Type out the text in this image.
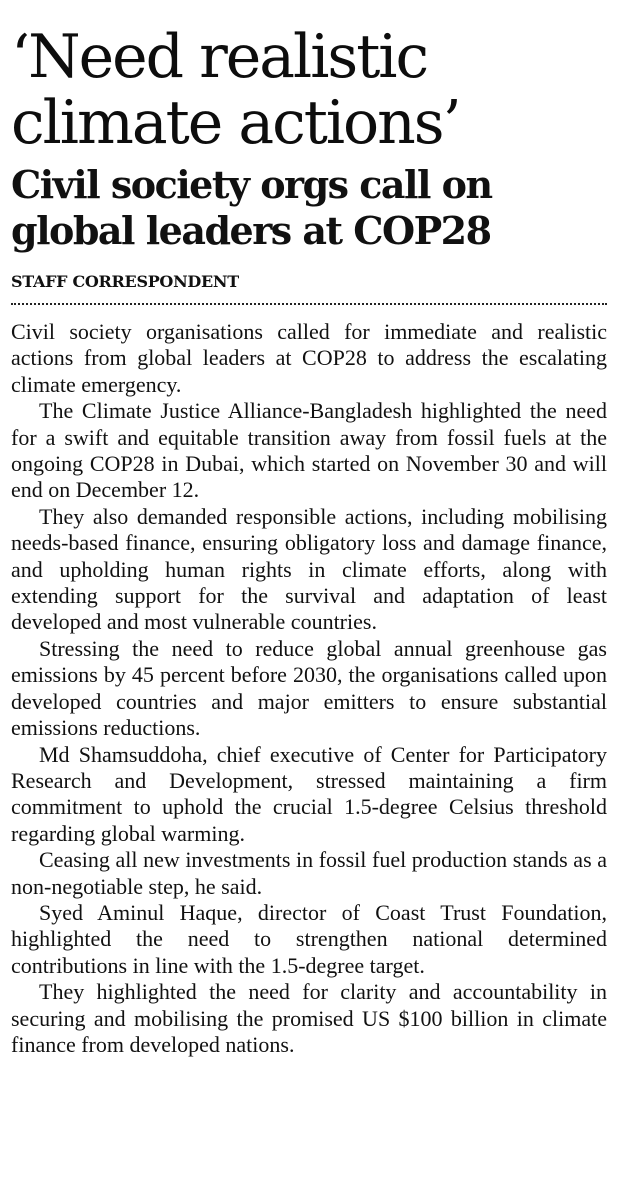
‘Need realistic climate actions’
Civil society orgs call on global leaders at COP28
STAFF CORRESPONDENT

Civil society organisations called for immediate and realistic actions from global leaders at COP28 to address the escalating climate emergency.

The Climate Justice Alliance-Bangladesh highlighted the need for a swift and equitable transition away from fossil fuels at the ongoing COP28 in Dubai, which started on November 30 and will end on December 12.

They also demanded responsible actions, including mobilising needs-based finance, ensuring obligatory loss and damage finance, and upholding human rights in climate efforts, along with extending support for the survival and adaptation of least developed and most vulnerable countries.

Stressing the need to reduce global annual greenhouse gas emissions by 45 percent before 2030, the organisations called upon developed countries and major emitters to ensure substantial emissions reductions.

Md Shamsuddoha, chief executive of Center for Participatory Research and Development, stressed maintaining a firm commitment to uphold the crucial 1.5-degree Celsius threshold regarding global warming.

Ceasing all new investments in fossil fuel production stands as a non-negotiable step, he said.

Syed Aminul Haque, director of Coast Trust Foundation, highlighted the need to strengthen national determined contributions in line with the 1.5-degree target.

They highlighted the need for clarity and accountability in securing and mobilising the promised US $100 billion in climate finance from developed nations.
